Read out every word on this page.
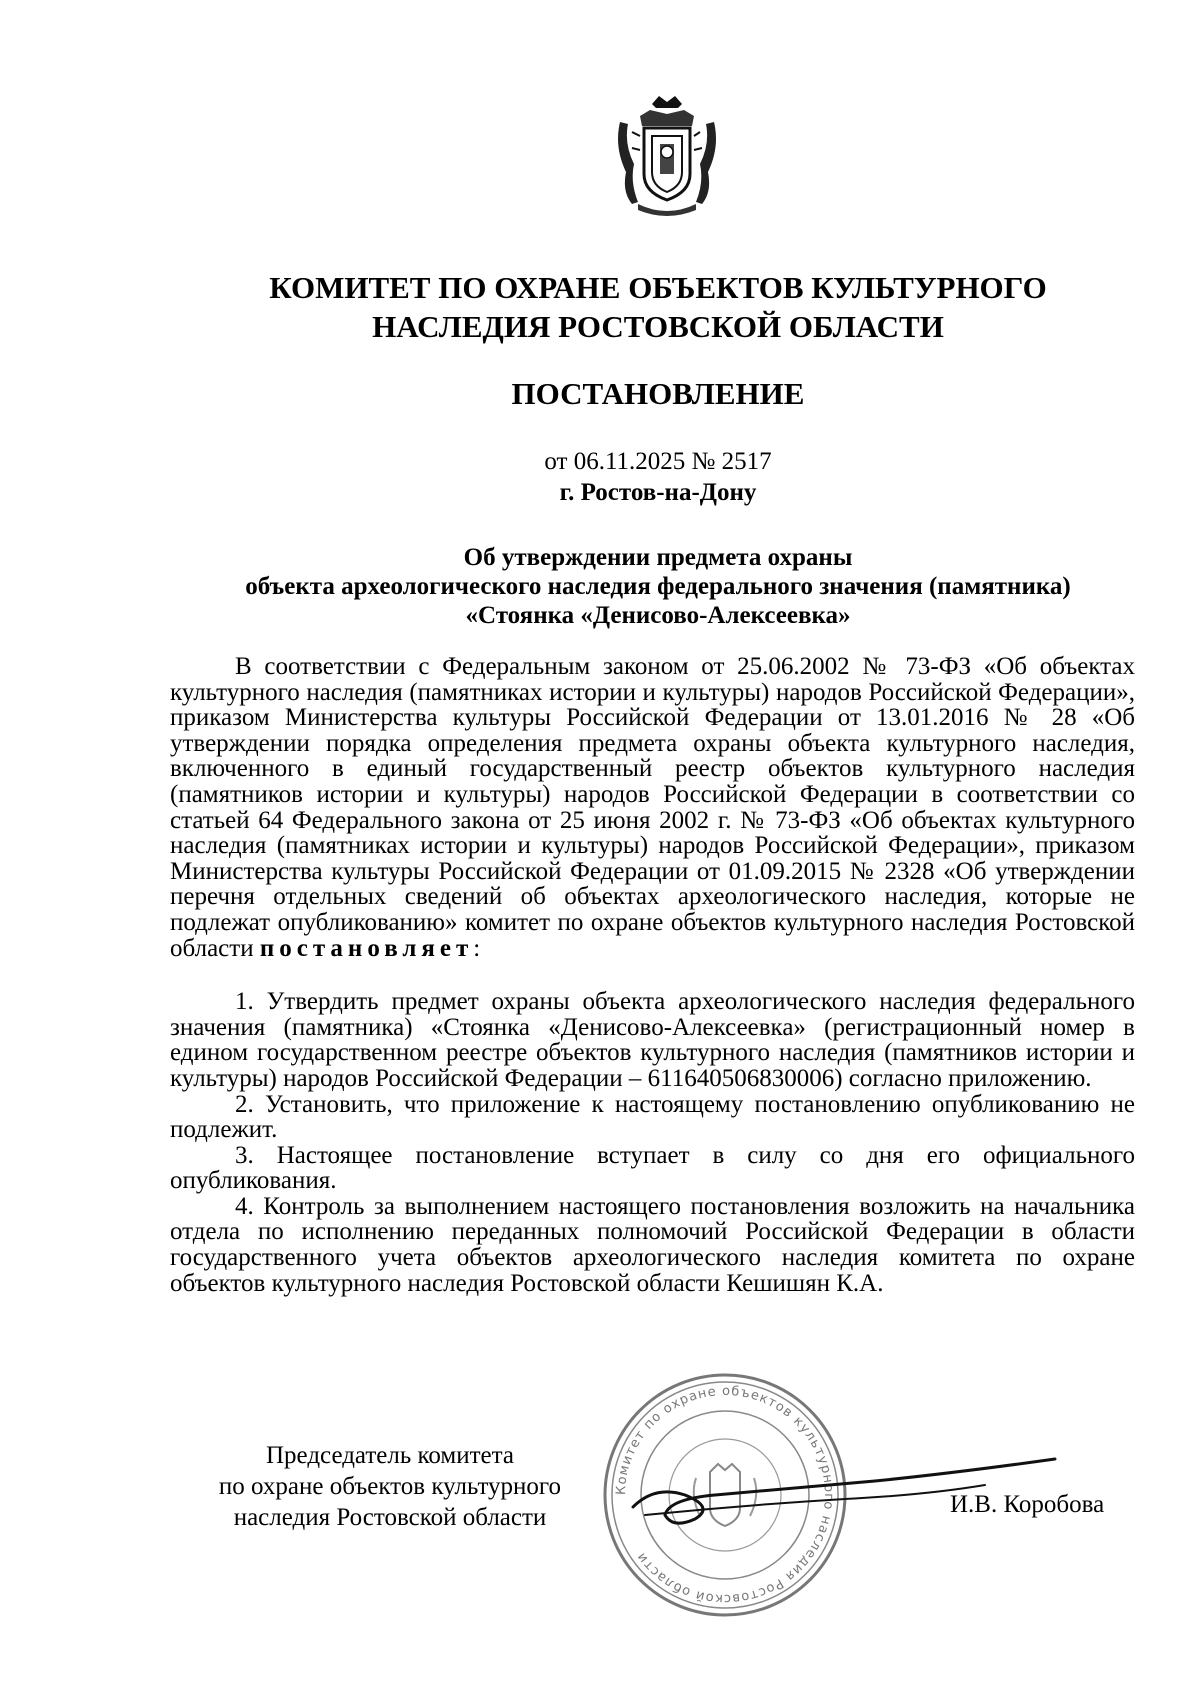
КОМИТЕТ ПО ОХРАНЕ ОБЪЕКТОВ КУЛЬТУРНОГО
НАСЛЕДИЯ РОСТОВСКОЙ ОБЛАСТИ
ПОСТАНОВЛЕНИЕ
от 06.11.2025 № 2517
г. Ростов-на-Дону
Об утверждении предмета охраны
объекта археологического наследия федерального значения (памятника)
«Стоянка «Денисово-Алексеевка»

В соответствии с Федеральным законом от 25.06.2002 № 73-ФЗ «Об объектах культурного наследия (памятниках истории и культуры) народов Российской Федерации», приказом Министерства культуры Российской Федерации от 13.01.2016 № 28 «Об утверждении порядка определения предмета охраны объекта культурного наследия, включенного в единый государственный реестр объектов культурного наследия (памятников истории и культуры) народов Российской Федерации в соответствии со статьей 64 Федерального закона от 25 июня 2002 г. № 73-ФЗ «Об объектах культурного наследия (памятниках истории и культуры) народов Российской Федерации», приказом Министерства культуры Российской Федерации от 01.09.2015 № 2328 «Об утверждении перечня отдельных сведений об объектах археологического наследия, которые не подлежат опубликованию» комитет по охране объектов культурного наследия Ростовской области постановляет:

1. Утвердить предмет охраны объекта археологического наследия федерального значения (памятника) «Стоянка «Денисово-Алексеевка» (регистрационный номер в едином государственном реестре объектов культурного наследия (памятников истории и культуры) народов Российской Федерации – 611640506830006) согласно приложению.

2. Установить, что приложение к настоящему постановлению опубликованию не подлежит.

3. Настоящее постановление вступает в силу со дня его официального опубликования.

4. Контроль за выполнением настоящего постановления возложить на начальника отдела по исполнению переданных полномочий Российской Федерации в области государственного учета объектов археологического наследия комитета по охране объектов культурного наследия Ростовской области Кешишян К.А.

Председатель комитета
по охране объектов культурного
наследия Ростовской области
Комитет по охране объектов культурного наследия Ростовской области
И.В. Коробова
